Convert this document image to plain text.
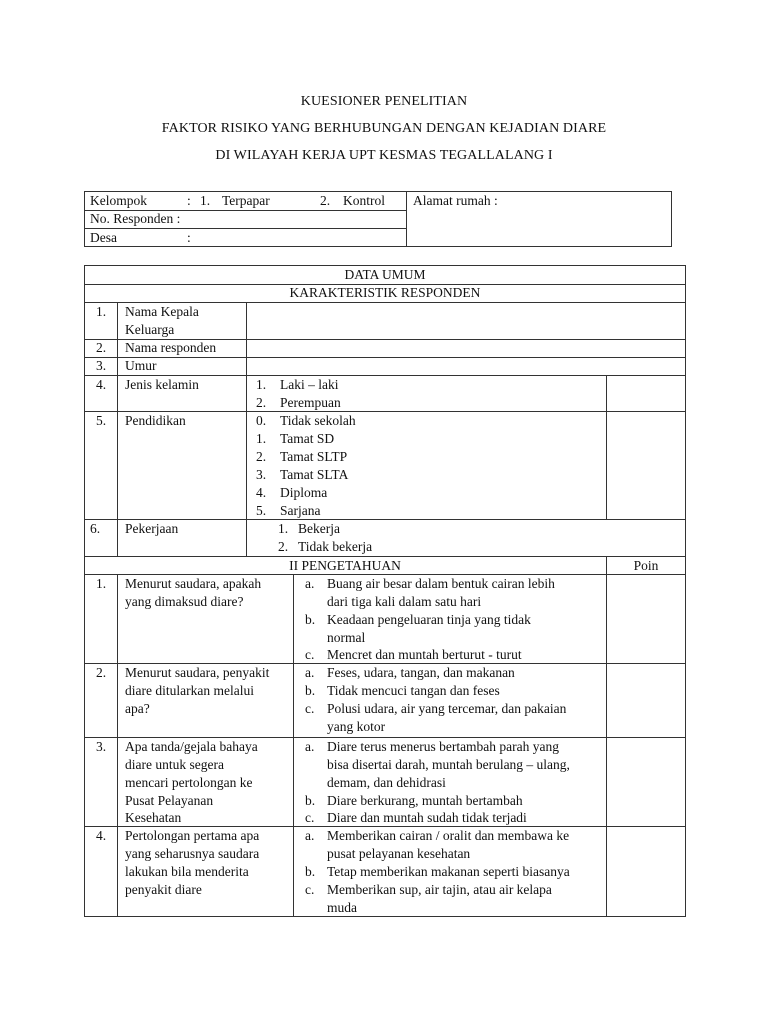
KUESIONER PENELITIAN
FAKTOR RISIKO YANG BERHUBUNGAN DENGAN KEJADIAN DIARE
DI WILAYAH KERJA UPT KESMAS TEGALLALANG I
Kelompok	: 1. Terpapar	2. Kontrol
No. Responden :
Desa	:
Alamat rumah :
DATA UMUM
KARAKTERISTIK RESPONDEN
1. Nama Kepala
Keluarga
2. Nama responden
3. Umur
4. Jenis kelamin	1. Laki – laki
2. Perempuan
5. Pendidikan	0. Tidak sekolah
1. Tamat SD
2. Tamat SLTP
3. Tamat SLTA
4. Diploma
5. Sarjana
6. Pekerjaan	1. Bekerja
2. Tidak bekerja
II PENGETAHUAN	Poin
1. Menurut saudara, apakah
yang dimaksud diare?
a. Buang air besar dalam bentuk cairan lebih
dari tiga kali dalam satu hari
b. Keadaan pengeluaran tinja yang tidak
normal
c. Mencret dan muntah berturut - turut
2. Menurut saudara, penyakit
diare ditularkan melalui
apa?
a. Feses, udara, tangan, dan makanan
b. Tidak mencuci tangan dan feses
c. Polusi udara, air yang tercemar, dan pakaian
yang kotor
3. Apa tanda/gejala bahaya
diare untuk segera
mencari pertolongan ke
Pusat Pelayanan
Kesehatan
a. Diare terus menerus bertambah parah yang
bisa disertai darah, muntah berulang – ulang,
demam, dan dehidrasi
b. Diare berkurang, muntah bertambah
c. Diare dan muntah sudah tidak terjadi
4. Pertolongan pertama apa
yang seharusnya saudara
lakukan bila menderita
penyakit diare
a. Memberikan cairan / oralit dan membawa ke
pusat pelayanan kesehatan
b. Tetap memberikan makanan seperti biasanya
c. Memberikan sup, air tajin, atau air kelapa
muda
